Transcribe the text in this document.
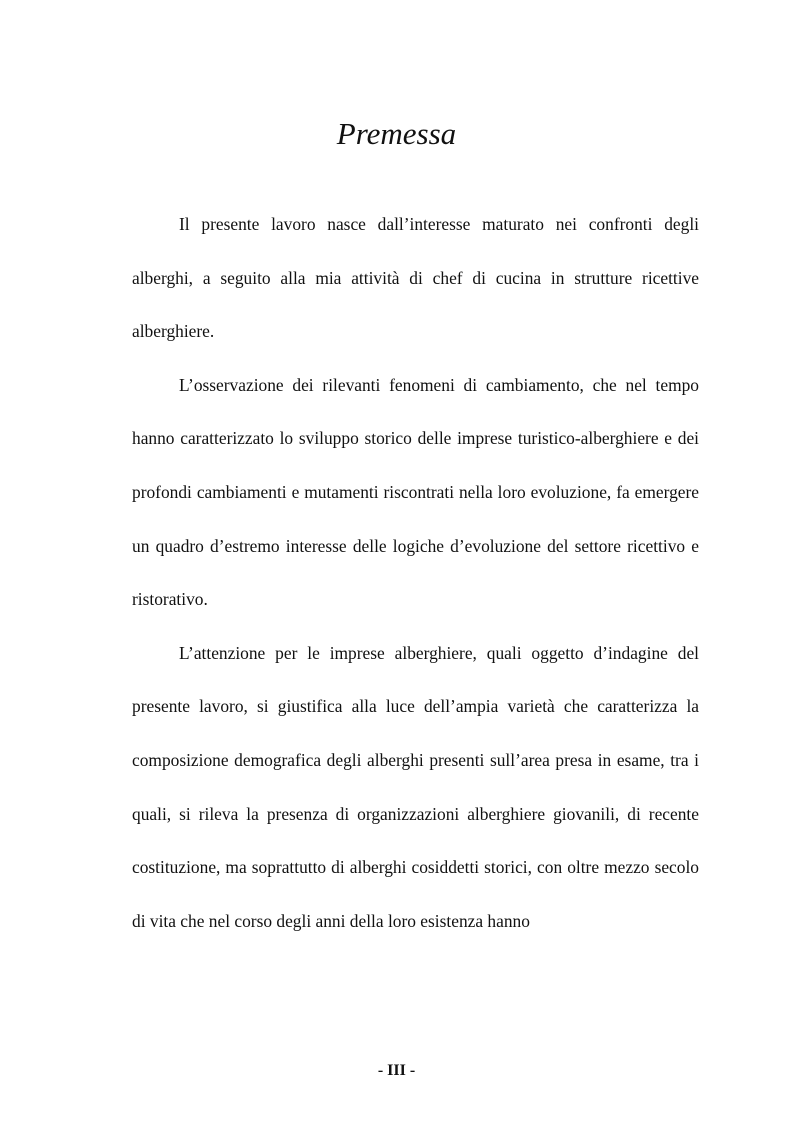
Premessa

Il presente lavoro nasce dall’interesse maturato nei confronti degli alberghi, a seguito alla mia attività di chef di cucina in strutture ricettive alberghiere.

L’osservazione dei rilevanti fenomeni di cambiamento, che nel tempo hanno caratterizzato lo sviluppo storico delle imprese turistico-alberghiere e dei profondi cambiamenti e mutamenti riscontrati nella loro evoluzione, fa emergere un quadro d’estremo interesse delle logiche d’evoluzione del settore ricettivo e ristorativo.

L’attenzione per le imprese alberghiere, quali oggetto d’indagine del presente lavoro, si giustifica alla luce dell’ampia varietà che caratterizza la composizione demografica degli alberghi presenti sull’area presa in esame, tra i quali, si rileva la presenza di organizzazioni alberghiere giovanili, di recente costituzione, ma soprattutto di alberghi cosiddetti storici, con oltre mezzo secolo di vita che nel corso degli anni della loro esistenza hanno

- III -
